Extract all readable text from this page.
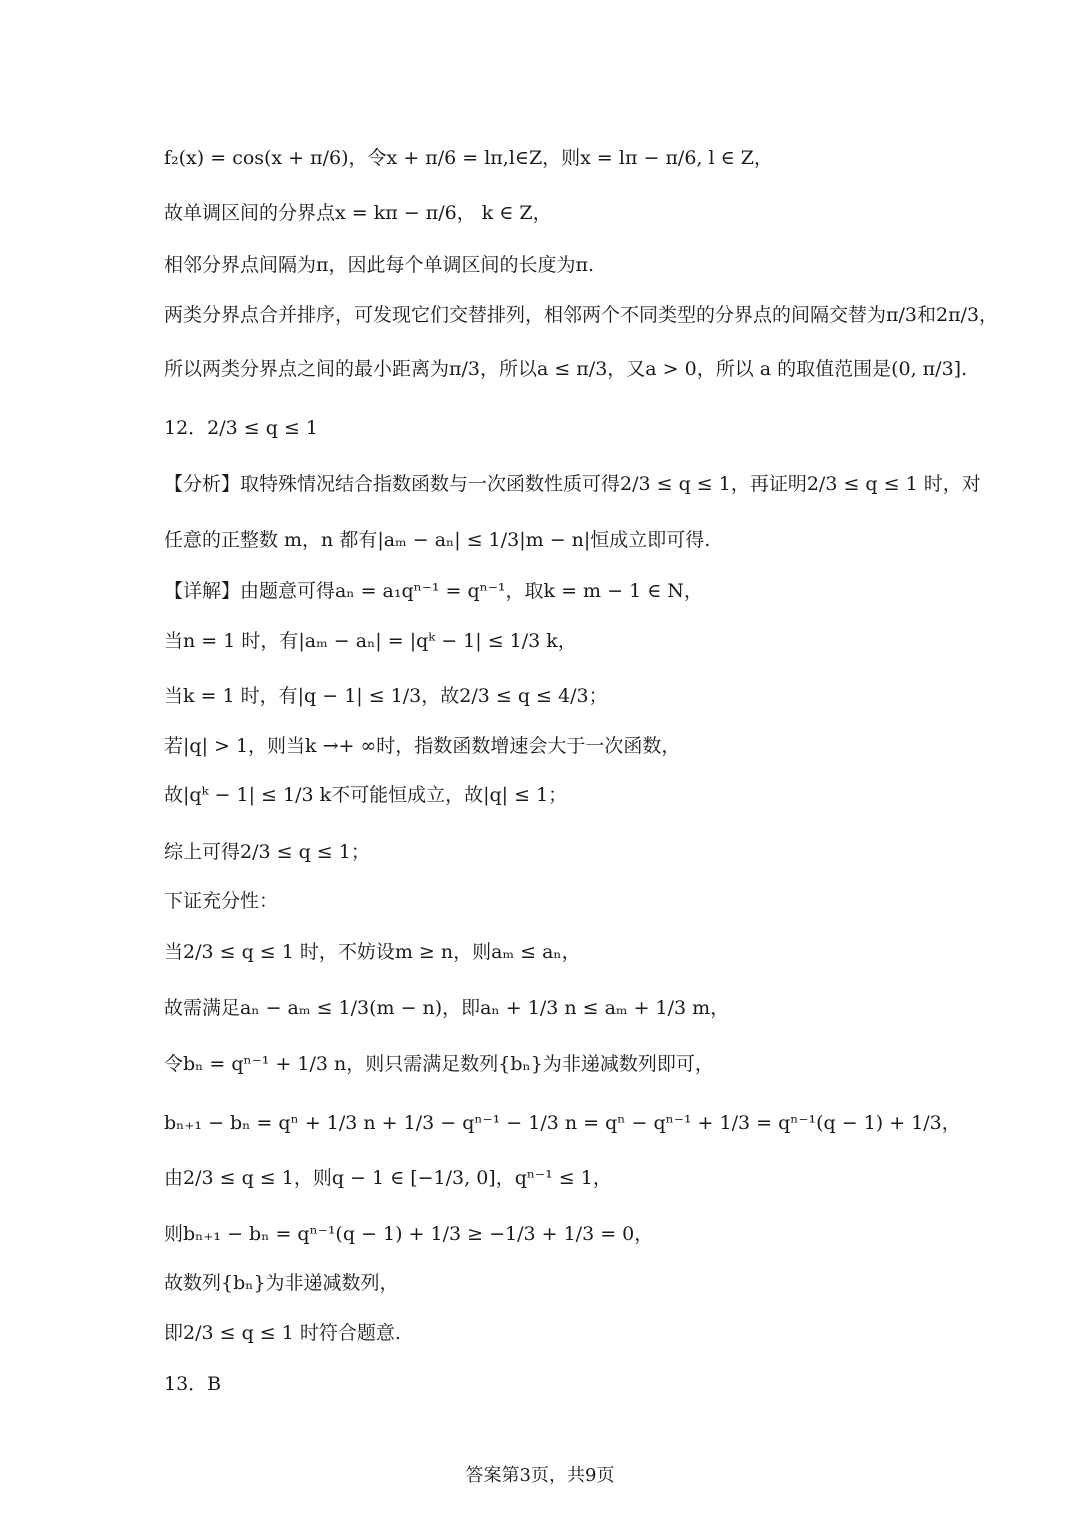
f₂(x) = cos(x + π/6)，令x + π/6 = lπ,l∈Z，则x = lπ − π/6, l ∈ Z，
故单调区间的分界点x = kπ − π/6， k ∈ Z，
相邻分界点间隔为π，因此每个单调区间的长度为π.
两类分界点合并排序，可发现它们交替排列，相邻两个不同类型的分界点的间隔交替为π/3和2π/3，
所以两类分界点之间的最小距离为π/3，所以a ≤ π/3，又a > 0，所以 a 的取值范围是(0, π/3].
12．2/3 ≤ q ≤ 1
【分析】取特殊情况结合指数函数与一次函数性质可得2/3 ≤ q ≤ 1，再证明2/3 ≤ q ≤ 1 时，对
任意的正整数 m，n 都有|aₘ − aₙ| ≤ 1/3|m − n|恒成立即可得.
【详解】由题意可得aₙ = a₁qⁿ⁻¹ = qⁿ⁻¹，取k = m − 1 ∈ N，
当n = 1 时，有|aₘ − aₙ| = |qᵏ − 1| ≤ 1/3 k，
当k = 1 时，有|q − 1| ≤ 1/3，故2/3 ≤ q ≤ 4/3；
若|q| > 1，则当k →+ ∞时，指数函数增速会大于一次函数，
故|qᵏ − 1| ≤ 1/3 k不可能恒成立，故|q| ≤ 1；
综上可得2/3 ≤ q ≤ 1；
下证充分性：
当2/3 ≤ q ≤ 1 时，不妨设m ≥ n，则aₘ ≤ aₙ，
故需满足aₙ − aₘ ≤ 1/3(m − n)，即aₙ + 1/3 n ≤ aₘ + 1/3 m，
令bₙ = qⁿ⁻¹ + 1/3 n，则只需满足数列{bₙ}为非递减数列即可，
bₙ₊₁ − bₙ = qⁿ + 1/3 n + 1/3 − qⁿ⁻¹ − 1/3 n = qⁿ − qⁿ⁻¹ + 1/3 = qⁿ⁻¹(q − 1) + 1/3，
由2/3 ≤ q ≤ 1，则q − 1 ∈ [−1/3, 0]，qⁿ⁻¹ ≤ 1，
则bₙ₊₁ − bₙ = qⁿ⁻¹(q − 1) + 1/3 ≥ −1/3 + 1/3 = 0，
故数列{bₙ}为非递减数列，
即2/3 ≤ q ≤ 1 时符合题意.
13．B
答案第3页，共9页
